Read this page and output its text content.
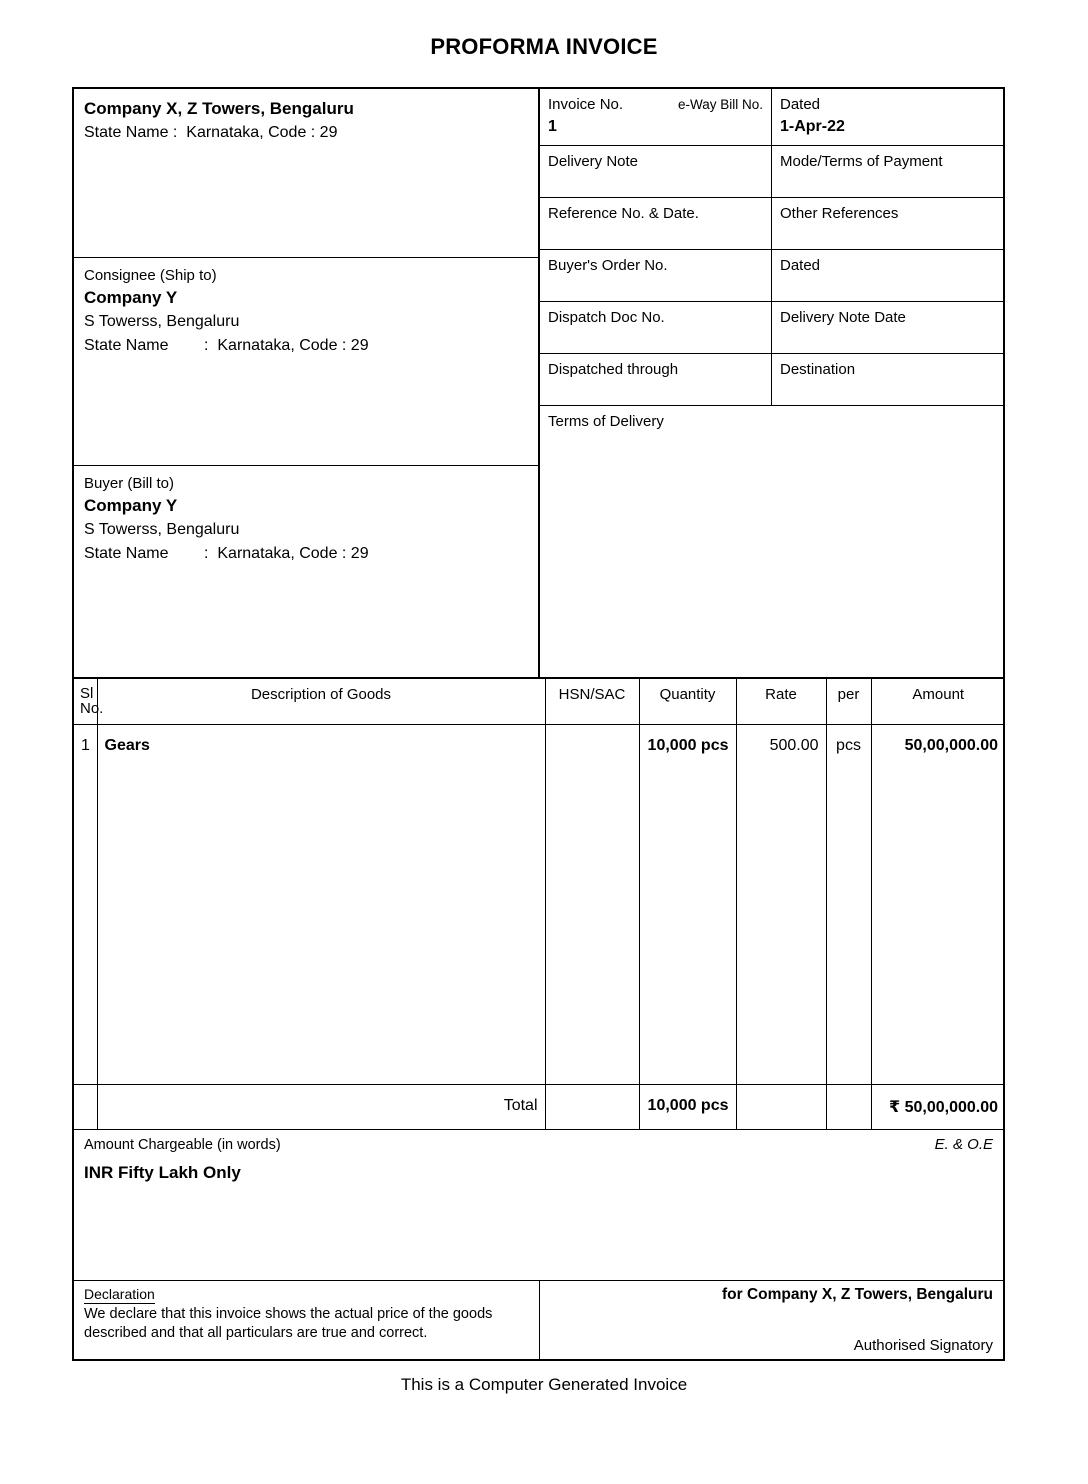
PROFORMA INVOICE
Company X, Z Towers, Bengaluru
State Name :  Karnataka, Code : 29
Consignee (Ship to)
Company Y
S Towerss, Bengaluru
State Name        :  Karnataka, Code : 29
Buyer (Bill to)
Company Y
S Towerss, Bengaluru
State Name        :  Karnataka, Code : 29
Invoice No.	e-Way Bill No.
1
Dated
1-Apr-22
Delivery Note	Mode/Terms of Payment
Reference No. & Date.	Other References
Buyer's Order No.	Dated
Dispatch Doc No.	Delivery Note Date
Dispatched through	Destination
Terms of Delivery
Sl
No.	Description of Goods	HSN/SAC	Quantity	Rate	per	Amount
1	Gears		10,000 pcs	500.00	pcs	50,00,000.00
	Total		10,000 pcs			₹ 50,00,000.00
Amount Chargeable (in words)	E. & O.E
INR Fifty Lakh Only
Declaration
We declare that this invoice shows the actual price of the goods described and that all particulars are true and correct.
for Company X, Z Towers, Bengaluru
Authorised Signatory
This is a Computer Generated Invoice
